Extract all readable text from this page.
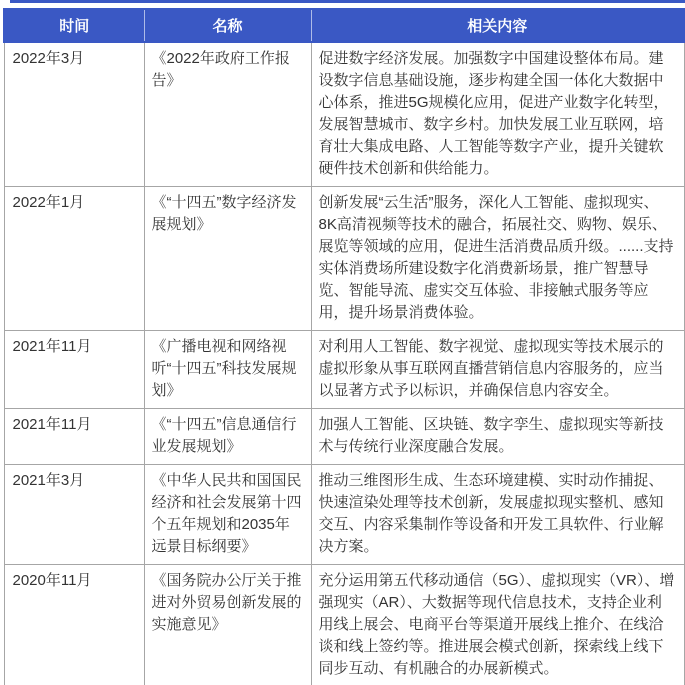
时间	名称	相关内容
2022年3月	《2022年政府工作报告》	促进数字经济发展。加强数字中国建设整体布局。建设数字信息基础设施，逐步构建全国一体化大数据中心体系，推进5G规模化应用，促进产业数字化转型，发展智慧城市、数字乡村。加快发展工业互联网，培育壮大集成电路、人工智能等数字产业，提升关键软硬件技术创新和供给能力。
2022年1月	《“十四五”数字经济发展规划》	创新发展“云生活”服务，深化人工智能、虚拟现实、8K高清视频等技术的融合，拓展社交、购物、娱乐、展览等领域的应用，促进生活消费品质升级。......支持实体消费场所建设数字化消费新场景，推广智慧导览、智能导流、虚实交互体验、非接触式服务等应用，提升场景消费体验。
2021年11月	《广播电视和网络视听“十四五”科技发展规划》	对利用人工智能、数字视觉、虚拟现实等技术展示的虚拟形象从事互联网直播营销信息内容服务的，应当以显著方式予以标识，并确保信息内容安全。
2021年11月	《“十四五”信息通信行业发展规划》	加强人工智能、区块链、数字孪生、虚拟现实等新技术与传统行业深度融合发展。
2021年3月	《中华人民共和国国民经济和社会发展第十四个五年规划和2035年远景目标纲要》	推动三维图形生成、生态环境建模、实时动作捕捉、快速渲染处理等技术创新，发展虚拟现实整机、感知交互、内容采集制作等设备和开发工具软件、行业解决方案。
2020年11月	《国务院办公厅关于推进对外贸易创新发展的实施意见》	充分运用第五代移动通信（5G）、虚拟现实（VR）、增强现实（AR）、大数据等现代信息技术，支持企业利用线上展会、电商平台等渠道开展线上推介、在线洽谈和线上签约等。推进展会模式创新，探索线上线下同步互动、有机融合的办展新模式。
